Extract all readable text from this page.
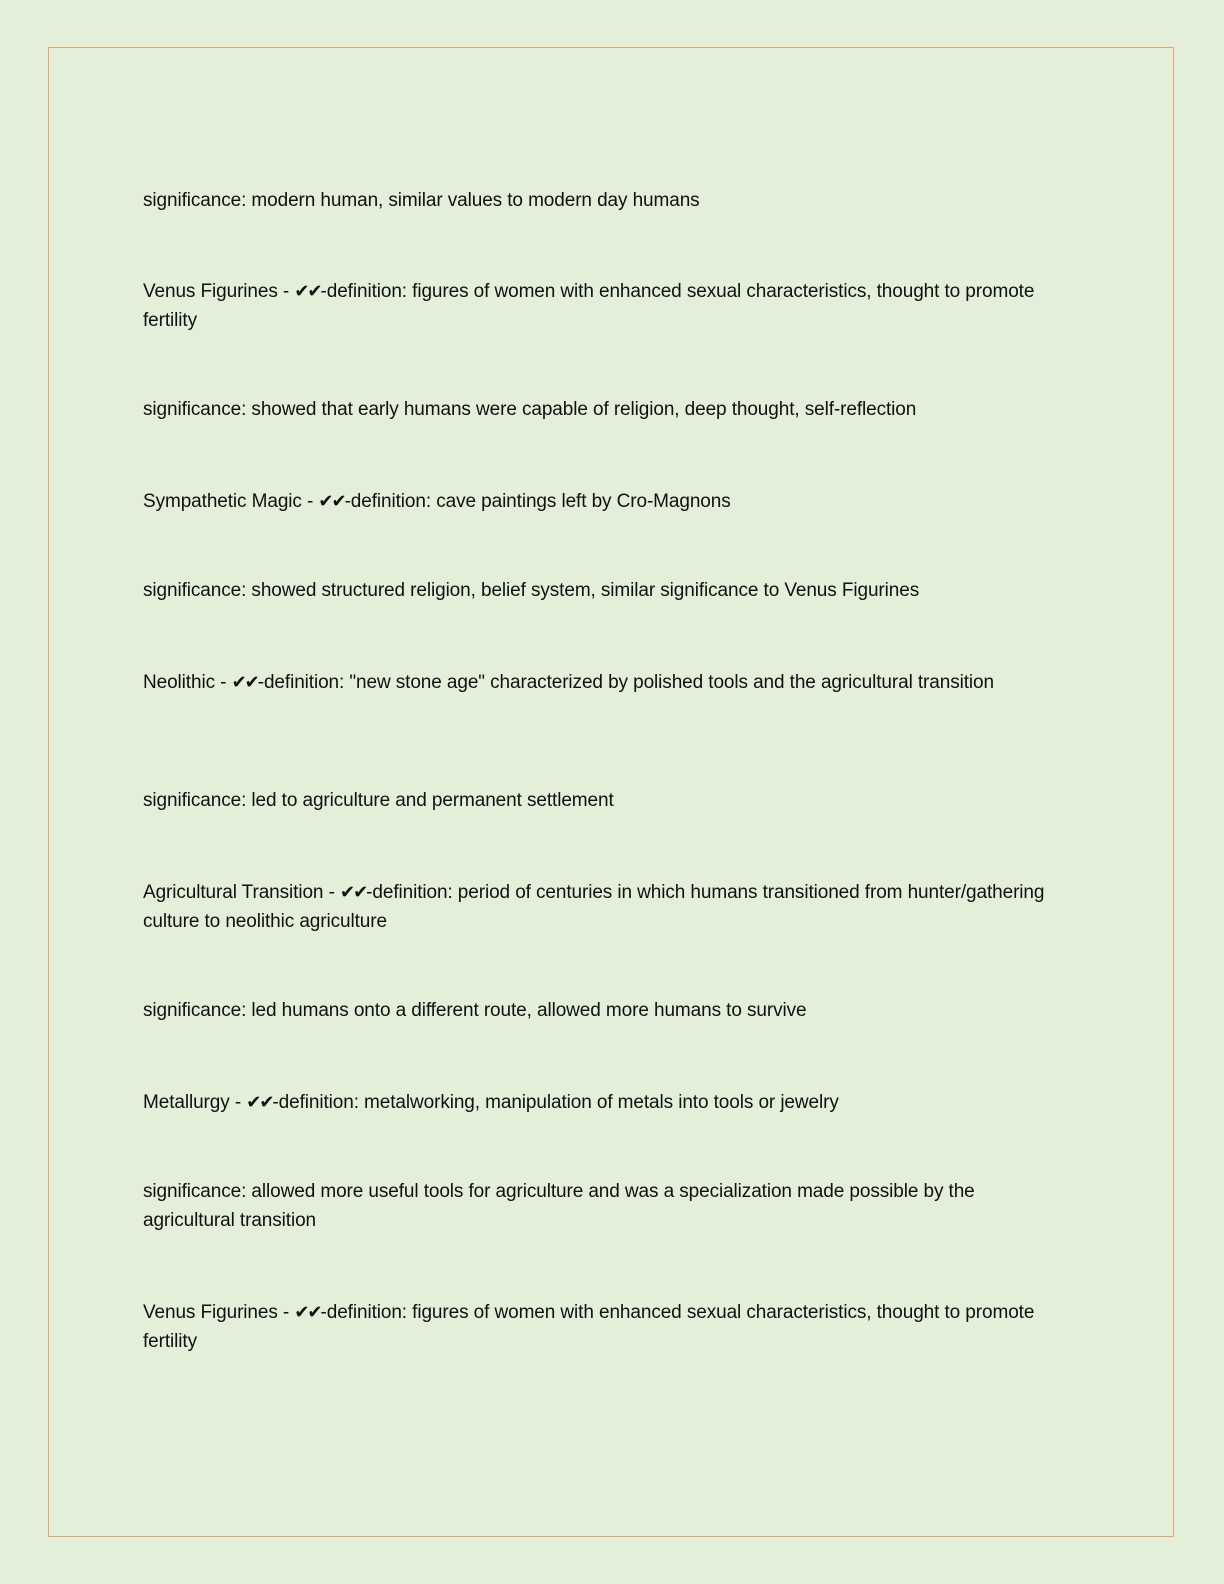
significance: modern human, similar values to modern day humans

Venus Figurines - ✔✔-definition: figures of women with enhanced sexual characteristics, thought to promote fertility

significance: showed that early humans were capable of religion, deep thought, self-reflection

Sympathetic Magic - ✔✔-definition: cave paintings left by Cro-Magnons

significance: showed structured religion, belief system, similar significance to Venus Figurines

Neolithic - ✔✔-definition: "new stone age" characterized by polished tools and the agricultural transition

significance: led to agriculture and permanent settlement

Agricultural Transition - ✔✔-definition: period of centuries in which humans transitioned from hunter/gathering culture to neolithic agriculture

significance: led humans onto a different route, allowed more humans to survive

Metallurgy - ✔✔-definition: metalworking, manipulation of metals into tools or jewelry

significance: allowed more useful tools for agriculture and was a specialization made possible by the agricultural transition

Venus Figurines - ✔✔-definition: figures of women with enhanced sexual characteristics, thought to promote fertility
